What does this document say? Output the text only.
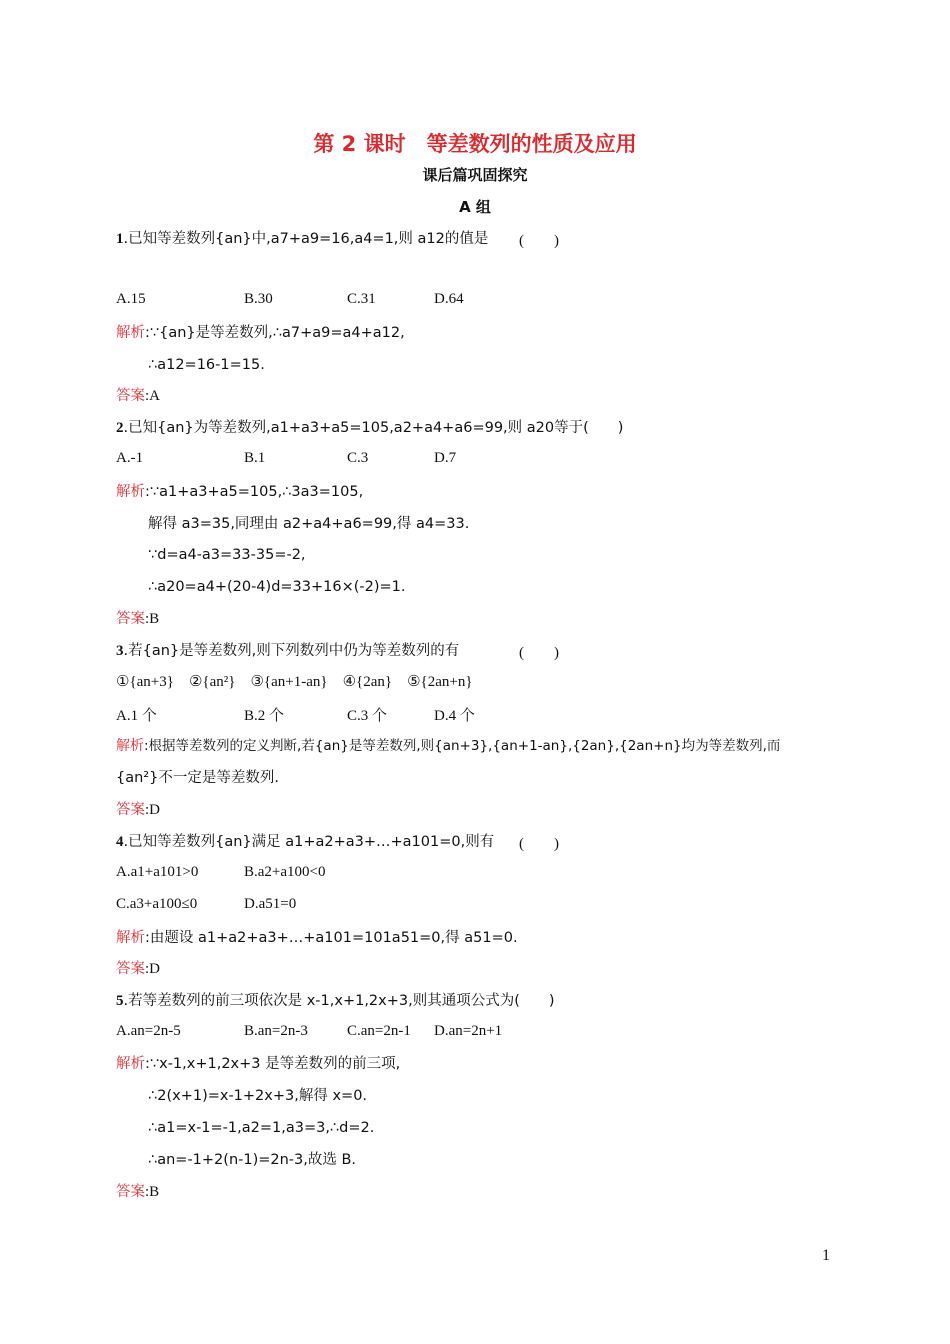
第 2 课时　等差数列的性质及应用
课后篇巩固探究
A 组
1.已知等差数列{an}中,a7+a9=16,a4=1,则 a12的值是 (　　)
A.15	B.30	C.31	D.64
解析:∵{an}是等差数列,∴a7+a9=a4+a12,
∴a12=16-1=15.
答案:A
2.已知{an}为等差数列,a1+a3+a5=105,a2+a4+a6=99,则 a20等于(　　)
A.-1	B.1	C.3	D.7
解析:∵a1+a3+a5=105,∴3a3=105,
解得 a3=35,同理由 a2+a4+a6=99,得 a4=33.
∵d=a4-a3=33-35=-2,
∴a20=a4+(20-4)d=33+16×(-2)=1.
答案:B
3.若{an}是等差数列,则下列数列中仍为等差数列的有	(　　)
①{an+3}　②{an²}　③{an+1-an}　④{2an}　⑤{2an+n}
A.1 个	B.2 个	C.3 个	D.4 个
解析:根据等差数列的定义判断,若{an}是等差数列,则{an+3},{an+1-an},{2an},{2an+n}均为等差数列,而
{an²}不一定是等差数列.
答案:D
4.已知等差数列{an}满足 a1+a2+a3+…+a101=0,则有 (　　)
A.a1+a101>0	B.a2+a100<0
C.a3+a100≤0	D.a51=0
解析:由题设 a1+a2+a3+…+a101=101a51=0,得 a51=0.
答案:D
5.若等差数列的前三项依次是 x-1,x+1,2x+3,则其通项公式为(　　)
A.an=2n-5	B.an=2n-3	C.an=2n-1 D.an=2n+1
解析:∵x-1,x+1,2x+3 是等差数列的前三项,
∴2(x+1)=x-1+2x+3,解得 x=0.
∴a1=x-1=-1,a2=1,a3=3,∴d=2.
∴an=-1+2(n-1)=2n-3,故选 B.
答案:B
1
